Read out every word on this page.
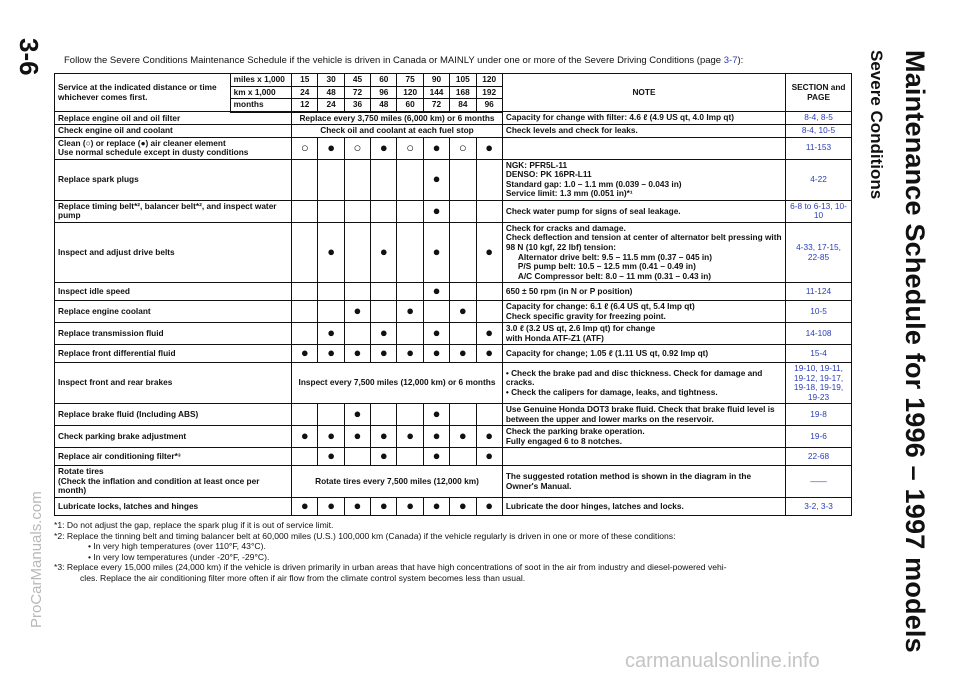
3-6 Follow the Severe Conditions Maintenance Schedule if the vehicle is driven in Canada or MAINLY under one or more of the Severe Driving Conditions (page 3-7):	Maintenance Schedule for 1996 – 1997 models
Severe Conditions
ProCarManuals.com
carmanualsonline.info
Service at the indicated distance or time whichever comes first.	miles x 1,000	15	30	45	60	75	90	105	120	NOTE	SECTION and PAGE
	km x 1,000	24	48	72	96	120	144	168	192		
	months	12	24	36	48	60	72	84	96		

Replace engine oil and oil filter		Replace every 3,750 miles (6,000 km) or 6 months								Capacity for change with filter: 4.6 ℓ (4.9 US qt, 4.0 Imp qt)	8-4, 8-5

Check engine oil and coolant		Check oil and coolant at each fuel stop								Check levels and check for leaks.	8-4, 10-5

Clean (○) or replace (●) air cleaner element
Use normal schedule except in dusty conditions		○	●	○	●	○	●	○	●		11-153

Replace spark plugs							●			NGK: PFR5L-11
DENSO: PK 16PR-L11
Standard gap: 1.0 – 1.1 mm (0.039 – 0.043 in)
Service limit: 1.3 mm (0.051 in)*¹	4-22

Replace timing belt*², balancer belt*², and inspect water pump							●			Check water pump for signs of seal leakage.	6-8 to 6-13, 10-10

Inspect and adjust drive belts			●		●		●		●	Check for cracks and damage.
Check deflection and tension at center of alternator belt pressing with 98 N (10 kgf, 22 lbf) tension:
Alternator drive belt: 9.5 – 11.5 mm (0.37 – 045 in)
P/S pump belt: 10.5 – 12.5 mm (0.41 – 0.49 in)
A/C Compressor belt: 8.0 – 11 mm (0.31 – 0.43 in)	4-33, 17-15, 22-85

Inspect idle speed							●			650 ± 50 rpm (in N or P position)	11-124

Replace engine coolant				●		●		●		Capacity for change: 6.1 ℓ (6.4 US qt, 5.4 Imp qt)
Check specific gravity for freezing point.	10-5

Replace transmission fluid			●		●		●		●	3.0 ℓ (3.2 US qt, 2.6 Imp qt) for change
with Honda ATF-Z1 (ATF)	14-108

Replace front differential fluid		●	●	●	●	●	●	●	●	Capacity for change; 1.05 ℓ (1.11 US qt, 0.92 Imp qt)	15-4

Inspect front and rear brakes		Inspect every 7,500 miles (12,000 km) or 6 months								• Check the brake pad and disc thickness. Check for damage and cracks.
• Check the calipers for damage, leaks, and tightness.	19-10, 19-11, 19-12, 19-17, 19-18, 19-19, 19-23

Replace brake fluid (Including ABS)				●			●			Use Genuine Honda DOT3 brake fluid. Check that brake fluid level is between the upper and lower marks on the reservoir.	19-8

Check parking brake adjustment		●	●	●	●	●	●	●	●	Check the parking brake operation.
Fully engaged 6 to 8 notches.	19-6

Replace air conditioning filter*³			●		●		●		●		22-68

Rotate tires
(Check the inflation and condition at least once per month)		Rotate tires every 7,500 miles (12,000 km)								The suggested rotation method is shown in the diagram in the Owner's Manual.	——

Lubricate locks, latches and hinges		●	●	●	●	●	●	●	●	Lubricate the door hinges, latches and locks.	3-2, 3-3
*1: Do not adjust the gap, replace the spark plug if it is out of service limit.
*2: Replace the tinning belt and timing balancer belt at 60,000 miles (U.S.) 100,000 km (Canada) if the vehicle regularly is driven in one or more of these conditions:
• In very high temperatures (over 110°F, 43°C).
• In very low temperatures (under -20°F, -29°C).
*3: Replace every 15,000 miles (24,000 km) if the vehicle is driven primarily in urban areas that have high concentrations of soot in the air from industry and diesel-powered vehi-
cles. Replace the air conditioning filter more often if air flow from the climate control system becomes less than usual.
